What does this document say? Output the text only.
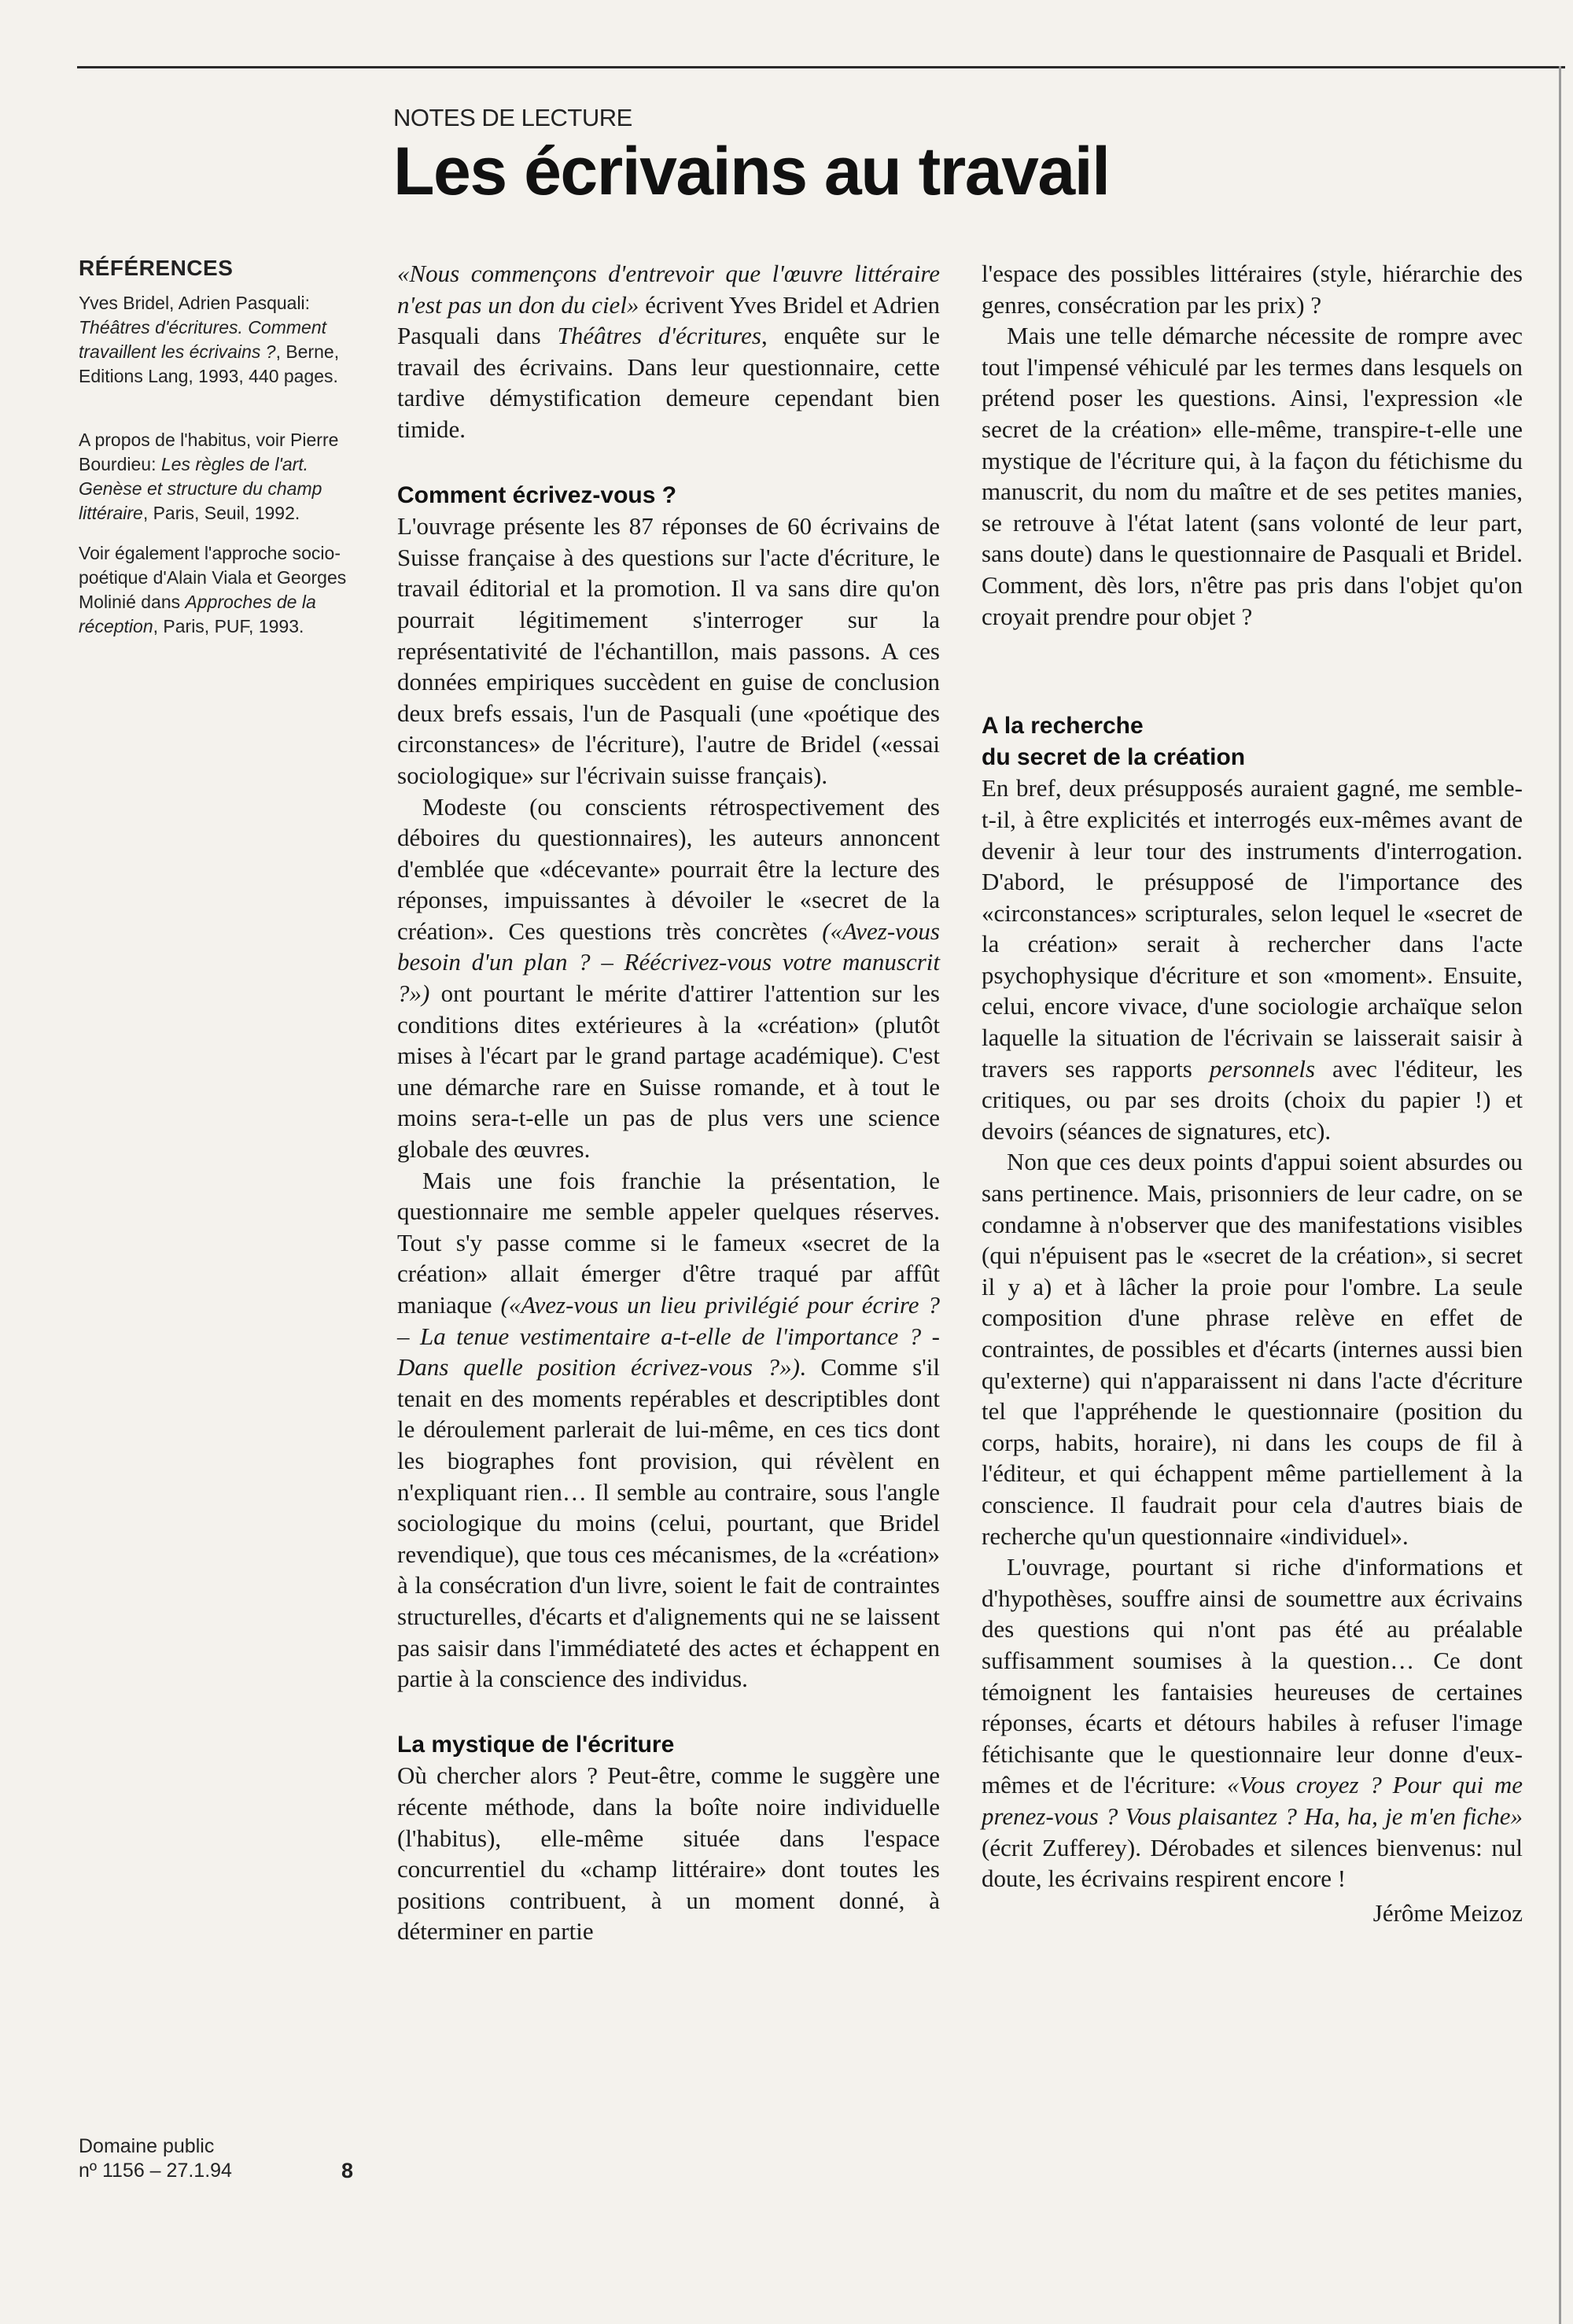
NOTES DE LECTURE
Les écrivains au travail
RÉFÉRENCES

Yves Bridel, Adrien Pasquali: Théâtres d'écritures. Comment travaillent les écrivains ?, Berne, Editions Lang, 1993, 440 pages.

A propos de l'habitus, voir Pierre Bourdieu: Les règles de l'art. Genèse et structure du champ littéraire, Paris, Seuil, 1992.

Voir également l'approche socio-poétique d'Alain Viala et Georges Molinié dans Approches de la réception, Paris, PUF, 1993.

Domaine public
nº 1156 – 27.1.94	8

«Nous commençons d'entrevoir que l'œuvre littéraire n'est pas un don du ciel» écrivent Yves Bridel et Adrien Pasquali dans Théâtres d'écritures, enquête sur le travail des écrivains. Dans leur questionnaire, cette tardive démystification demeure cependant bien timide.

Comment écrivez-vous ?

L'ouvrage présente les 87 réponses de 60 écrivains de Suisse française à des questions sur l'acte d'écriture, le travail éditorial et la promotion. Il va sans dire qu'on pourrait légitimement s'interroger sur la représentativité de l'échantillon, mais passons. A ces données empiriques succèdent en guise de conclusion deux brefs essais, l'un de Pasquali (une «poétique des circonstances» de l'écriture), l'autre de Bridel («essai sociologique» sur l'écrivain suisse français).

Modeste (ou conscients rétrospectivement des déboires du questionnaires), les auteurs annoncent d'emblée que «décevante» pourrait être la lecture des réponses, impuissantes à dévoiler le «secret de la création». Ces questions très concrètes («Avez-vous besoin d'un plan ? – Réécrivez-vous votre manuscrit ?») ont pourtant le mérite d'attirer l'attention sur les conditions dites extérieures à la «création» (plutôt mises à l'écart par le grand partage académique). C'est une démarche rare en Suisse romande, et à tout le moins sera-t-elle un pas de plus vers une science globale des œuvres.

Mais une fois franchie la présentation, le questionnaire me semble appeler quelques réserves. Tout s'y passe comme si le fameux «secret de la création» allait émerger d'être traqué par affût maniaque («Avez-vous un lieu privilégié pour écrire ? – La tenue vestimentaire a-t-elle de l'importance ? - Dans quelle position écrivez-vous ?»). Comme s'il tenait en des moments repérables et descriptibles dont le déroulement parlerait de lui-même, en ces tics dont les biographes font provision, qui révèlent en n'expliquant rien… Il semble au contraire, sous l'angle sociologique du moins (celui, pourtant, que Bridel revendique), que tous ces mécanismes, de la «création» à la consécration d'un livre, soient le fait de contraintes structurelles, d'écarts et d'alignements qui ne se laissent pas saisir dans l'immédiateté des actes et échappent en partie à la conscience des individus.

La mystique de l'écriture

Où chercher alors ? Peut-être, comme le suggère une récente méthode, dans la boîte noire individuelle (l'habitus), elle-même située dans l'espace concurrentiel du «champ littéraire» dont toutes les positions contribuent, à un moment donné, à déterminer en partie

l'espace des possibles littéraires (style, hiérarchie des genres, consécration par les prix) ?

Mais une telle démarche nécessite de rompre avec tout l'impensé véhiculé par les termes dans lesquels on prétend poser les questions. Ainsi, l'expression «le secret de la création» elle-même, transpire-t-elle une mystique de l'écriture qui, à la façon du fétichisme du manuscrit, du nom du maître et de ses petites manies, se retrouve à l'état latent (sans volonté de leur part, sans doute) dans le questionnaire de Pasquali et Bridel. Comment, dès lors, n'être pas pris dans l'objet qu'on croyait prendre pour objet ?

A la recherche
du secret de la création

En bref, deux présupposés auraient gagné, me semble-t-il, à être explicités et interrogés eux-mêmes avant de devenir à leur tour des instruments d'interrogation. D'abord, le présupposé de l'importance des «circonstances» scripturales, selon lequel le «secret de la création» serait à rechercher dans l'acte psychophysique d'écriture et son «moment». Ensuite, celui, encore vivace, d'une sociologie archaïque selon laquelle la situation de l'écrivain se laisserait saisir à travers ses rapports personnels avec l'éditeur, les critiques, ou par ses droits (choix du papier !) et devoirs (séances de signatures, etc).

Non que ces deux points d'appui soient absurdes ou sans pertinence. Mais, prisonniers de leur cadre, on se condamne à n'observer que des manifestations visibles (qui n'épuisent pas le «secret de la création», si secret il y a) et à lâcher la proie pour l'ombre. La seule composition d'une phrase relève en effet de contraintes, de possibles et d'écarts (internes aussi bien qu'externe) qui n'apparaissent ni dans l'acte d'écriture tel que l'appréhende le questionnaire (position du corps, habits, horaire), ni dans les coups de fil à l'éditeur, et qui échappent même partiellement à la conscience. Il faudrait pour cela d'autres biais de recherche qu'un questionnaire «individuel».

L'ouvrage, pourtant si riche d'informations et d'hypothèses, souffre ainsi de soumettre aux écrivains des questions qui n'ont pas été au préalable suffisamment soumises à la question… Ce dont témoignent les fantaisies heureuses de certaines réponses, écarts et détours habiles à refuser l'image fétichisante que le questionnaire leur donne d'eux-mêmes et de l'écriture: «Vous croyez ? Pour qui me prenez-vous ? Vous plaisantez ? Ha, ha, je m'en fiche» (écrit Zufferey). Dérobades et silences bienvenus: nul doute, les écrivains respirent encore !

Jérôme Meizoz
